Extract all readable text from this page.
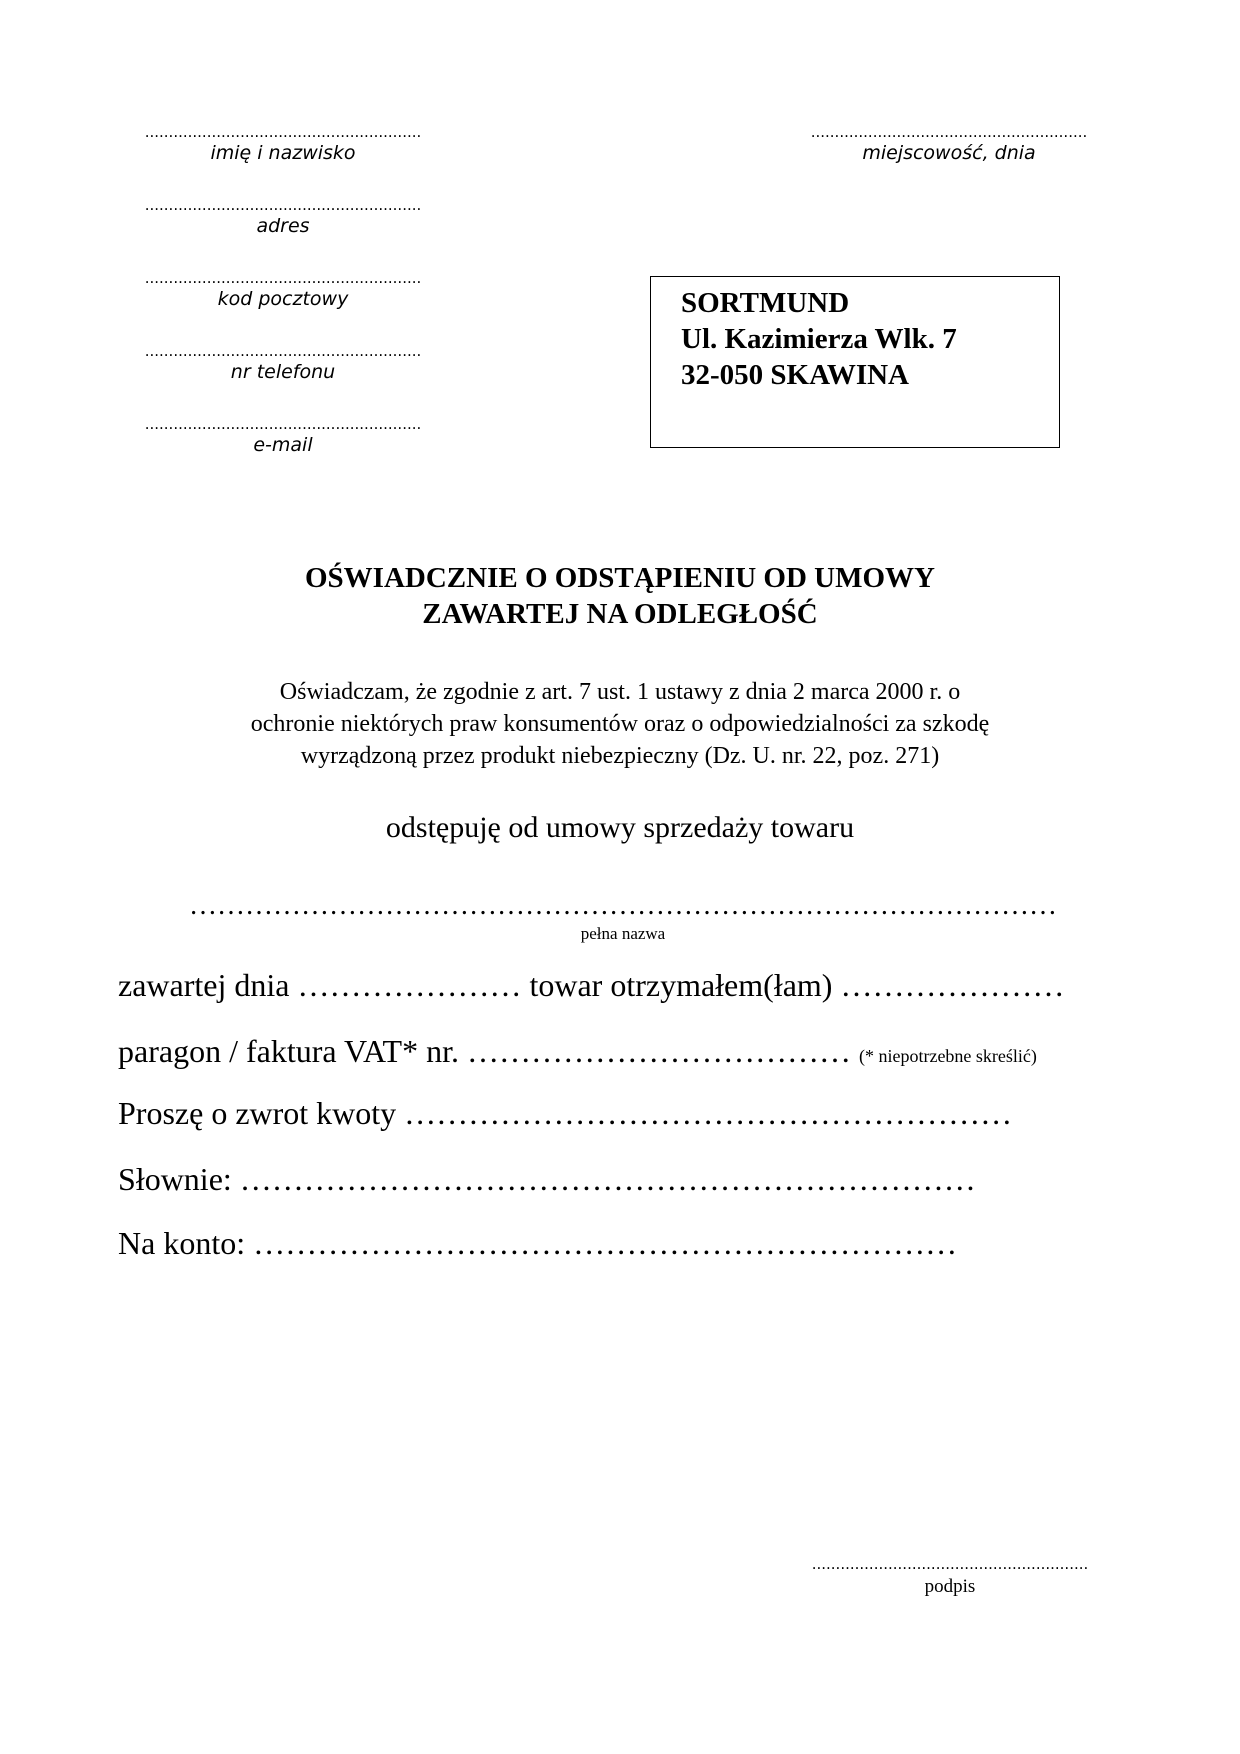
..........................................................
imię i nazwisko
..........................................................
adres
..........................................................
kod pocztowy
..........................................................
nr telefonu
..........................................................
e-mail
..........................................................
miejscowość, dnia
SORTMUND
Ul. Kazimierza Wlk. 7
32-050 SKAWINA
OŚWIADCZNIE O ODSTĄPIENIU OD UMOWY
ZAWARTEJ NA ODLEGŁOŚĆ
Oświadczam, że zgodnie z art. 7 ust. 1 ustawy z dnia 2 marca 2000 r. o
ochronie niektórych praw konsumentów oraz o odpowiedzialności za szkodę
wyrządzoną przez produkt niebezpieczny (Dz. U. nr. 22, poz. 271)
odstępuję od umowy sprzedaży towaru
…………………………………………………………………………………
pełna nazwa
zawartej dnia ………………… towar otrzymałem(łam) …………………
paragon / faktura VAT* nr. ……………………………… (* niepotrzebne skreślić)
Proszę o zwrot kwoty …………………………………………………
Słownie: ……………………………………………………………
Na konto: …………………………………………………………
..........................................................
podpis
